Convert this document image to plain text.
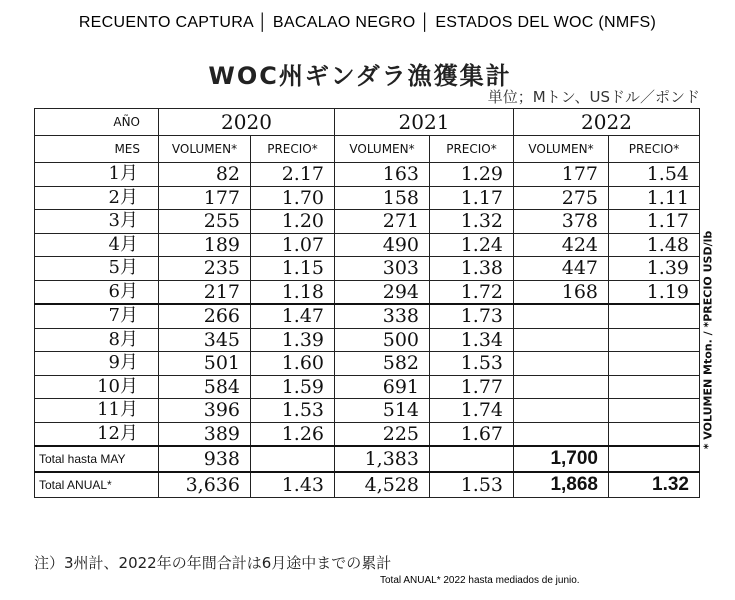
RECUENTO CAPTURA │ BACALAO NEGRO │ ESTADOS DEL WOC (NMFS)
WOC州ギンダラ漁獲集計
単位；Mトン、USドル／ポンド
* VOLUMEN Mton. / *PRECIO USD/lb
AÑO	2020		2021		2022	
MES	VOLUMEN*	PRECIO*	VOLUMEN*	PRECIO*	VOLUMEN*	PRECIO*
1月	82	2.17	163	1.29	177	1.54
2月	177	1.70	158	1.17	275	1.11
3月	255	1.20	271	1.32	378	1.17
4月	189	1.07	490	1.24	424	1.48
5月	235	1.15	303	1.38	447	1.39
6月	217	1.18	294	1.72	168	1.19
7月	266	1.47	338	1.73		
8月	345	1.39	500	1.34		
9月	501	1.60	582	1.53		
10月	584	1.59	691	1.77		
11月	396	1.53	514	1.74		
12月	389	1.26	225	1.67		
Total hasta MAY	938		1,383		1,700	
Total ANUAL*	3,636	1.43	4,528	1.53	1,868	1.32
注）3州計、2022年の年間合計は6月途中までの累計
Total ANUAL* 2022 hasta mediados de junio.
